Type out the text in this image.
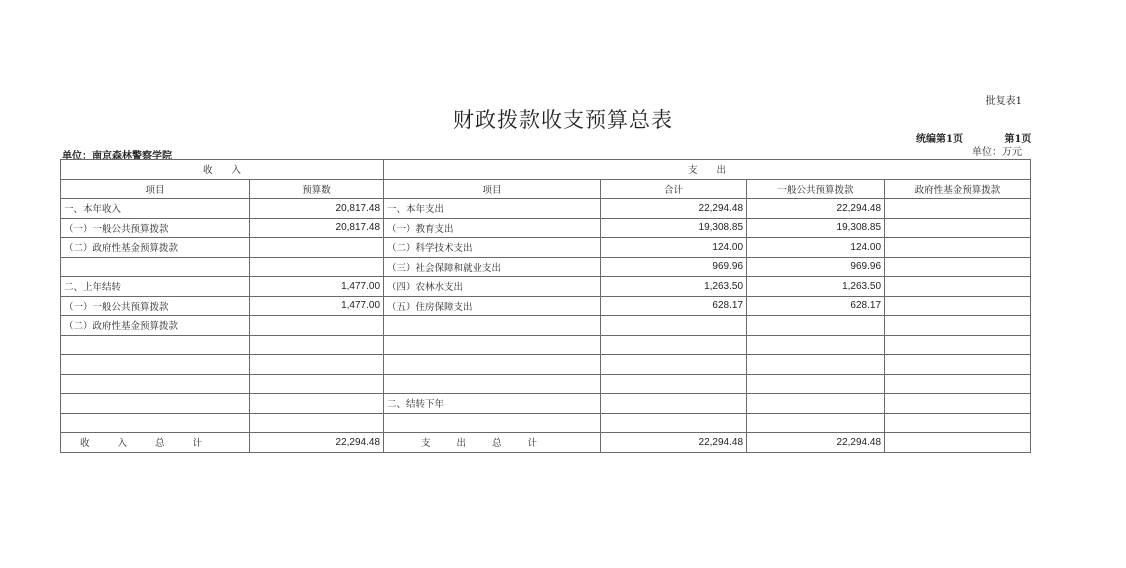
批复表1
财政拨款收支预算总表
统编第1页	第1页
单位：万元
单位：南京森林警察学院
收　　入		支　　出			
项目	预算数	项目	合计	一般公共预算拨款	政府性基金预算拨款
一、本年收入	20,817.48	一、本年支出	22,294.48	22,294.48	
（一）一般公共预算拨款	20,817.48	（一）教育支出	19,308.85	19,308.85	
（二）政府性基金预算拨款		（二）科学技术支出	124.00	124.00	
		（三）社会保障和就业支出	969.96	969.96	
二、上年结转	1,477.00	（四）农林水支出	1,263.50	1,263.50	
（一）一般公共预算拨款	1,477.00	（五）住房保障支出	628.17	628.17	
（二）政府性基金预算拨款					

		二、结转下年			

收入总计	22,294.48	支出总计	22,294.48	22,294.48	
